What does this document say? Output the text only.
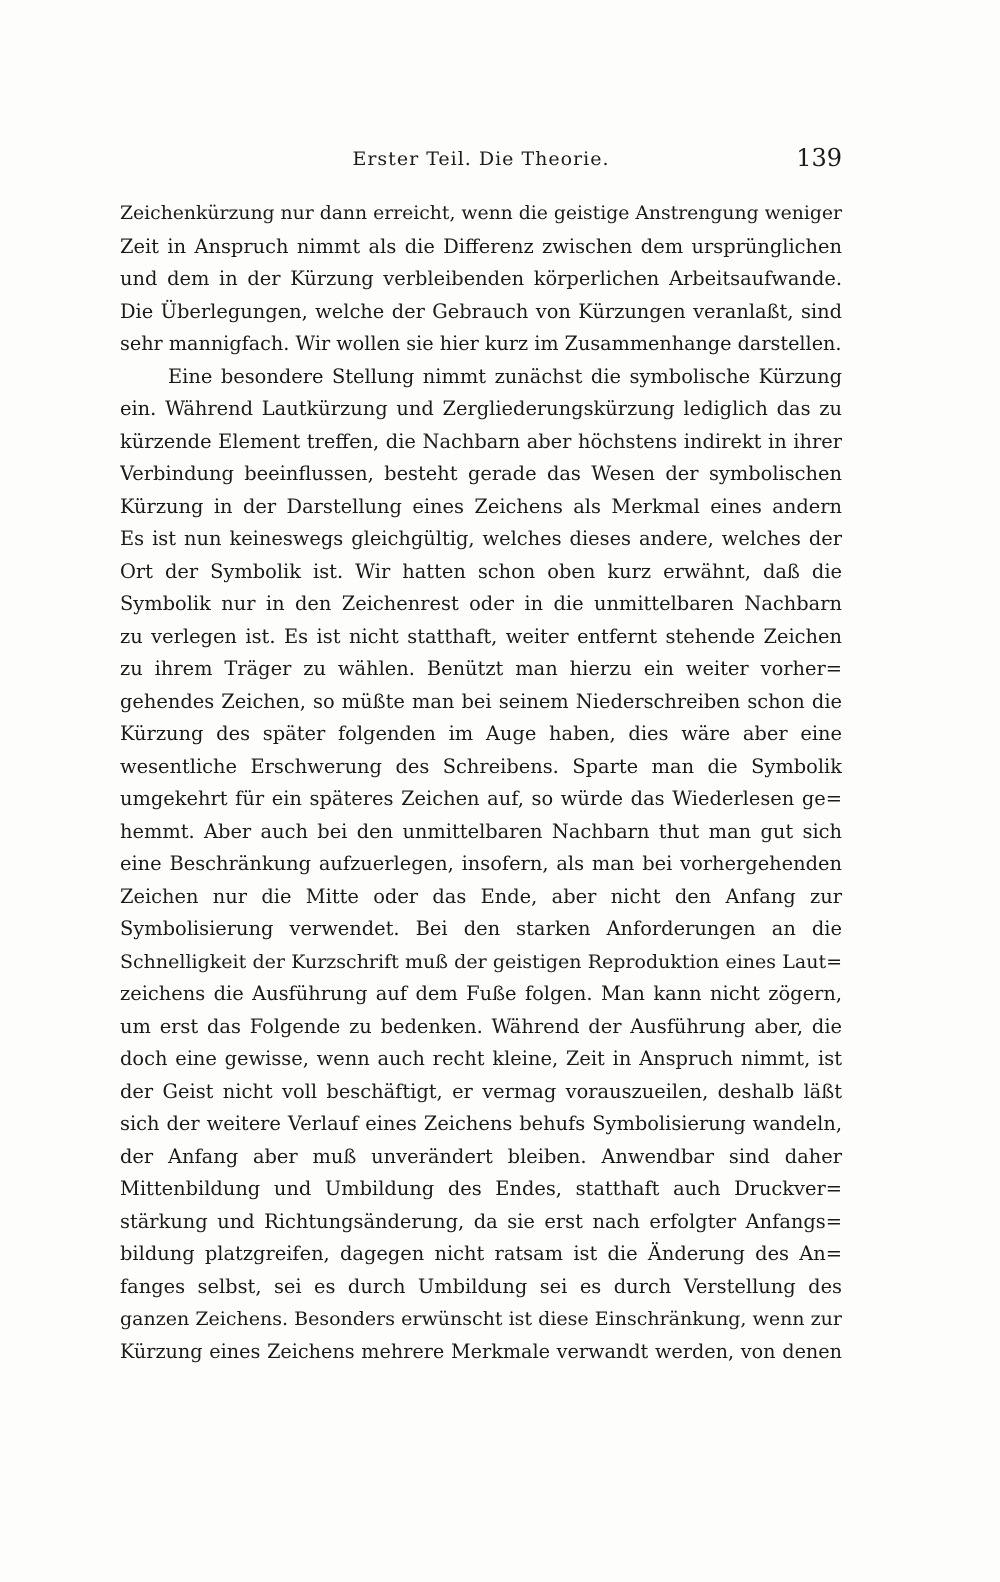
Erster Teil. Die Theorie.	139
Zeichenkürzung nur dann erreicht, wenn die geistige Anstrengung weniger
Zeit in Anspruch nimmt als die Differenz zwischen dem ursprünglichen
und dem in der Kürzung verbleibenden körperlichen Arbeitsaufwande.
Die Überlegungen, welche der Gebrauch von Kürzungen veranlaßt, sind
sehr mannigfach. Wir wollen sie hier kurz im Zusammenhange darstellen.
Eine besondere Stellung nimmt zunächst die symbolische Kürzung
ein. Während Lautkürzung und Zergliederungskürzung lediglich das zu
kürzende Element treffen, die Nachbarn aber höchstens indirekt in ihrer
Verbindung beeinflussen, besteht gerade das Wesen der symbolischen
Kürzung in der Darstellung eines Zeichens als Merkmal eines andern
Es ist nun keineswegs gleichgültig, welches dieses andere, welches der
Ort der Symbolik ist. Wir hatten schon oben kurz erwähnt, daß die
Symbolik nur in den Zeichenrest oder in die unmittelbaren Nachbarn
zu verlegen ist. Es ist nicht statthaft, weiter entfernt stehende Zeichen
zu ihrem Träger zu wählen. Benützt man hierzu ein weiter vorher=
gehendes Zeichen, so müßte man bei seinem Niederschreiben schon die
Kürzung des später folgenden im Auge haben, dies wäre aber eine
wesentliche Erschwerung des Schreibens. Sparte man die Symbolik
umgekehrt für ein späteres Zeichen auf, so würde das Wiederlesen ge=
hemmt. Aber auch bei den unmittelbaren Nachbarn thut man gut sich
eine Beschränkung aufzuerlegen, insofern, als man bei vorhergehenden
Zeichen nur die Mitte oder das Ende, aber nicht den Anfang zur
Symbolisierung verwendet. Bei den starken Anforderungen an die
Schnelligkeit der Kurzschrift muß der geistigen Reproduktion eines Laut=
zeichens die Ausführung auf dem Fuße folgen. Man kann nicht zögern,
um erst das Folgende zu bedenken. Während der Ausführung aber, die
doch eine gewisse, wenn auch recht kleine, Zeit in Anspruch nimmt, ist
der Geist nicht voll beschäftigt, er vermag vorauszueilen, deshalb läßt
sich der weitere Verlauf eines Zeichens behufs Symbolisierung wandeln,
der Anfang aber muß unverändert bleiben. Anwendbar sind daher
Mittenbildung und Umbildung des Endes, statthaft auch Druckver=
stärkung und Richtungsänderung, da sie erst nach erfolgter Anfangs=
bildung platzgreifen, dagegen nicht ratsam ist die Änderung des An=
fanges selbst, sei es durch Umbildung sei es durch Verstellung des
ganzen Zeichens. Besonders erwünscht ist diese Einschränkung, wenn zur
Kürzung eines Zeichens mehrere Merkmale verwandt werden, von denen
